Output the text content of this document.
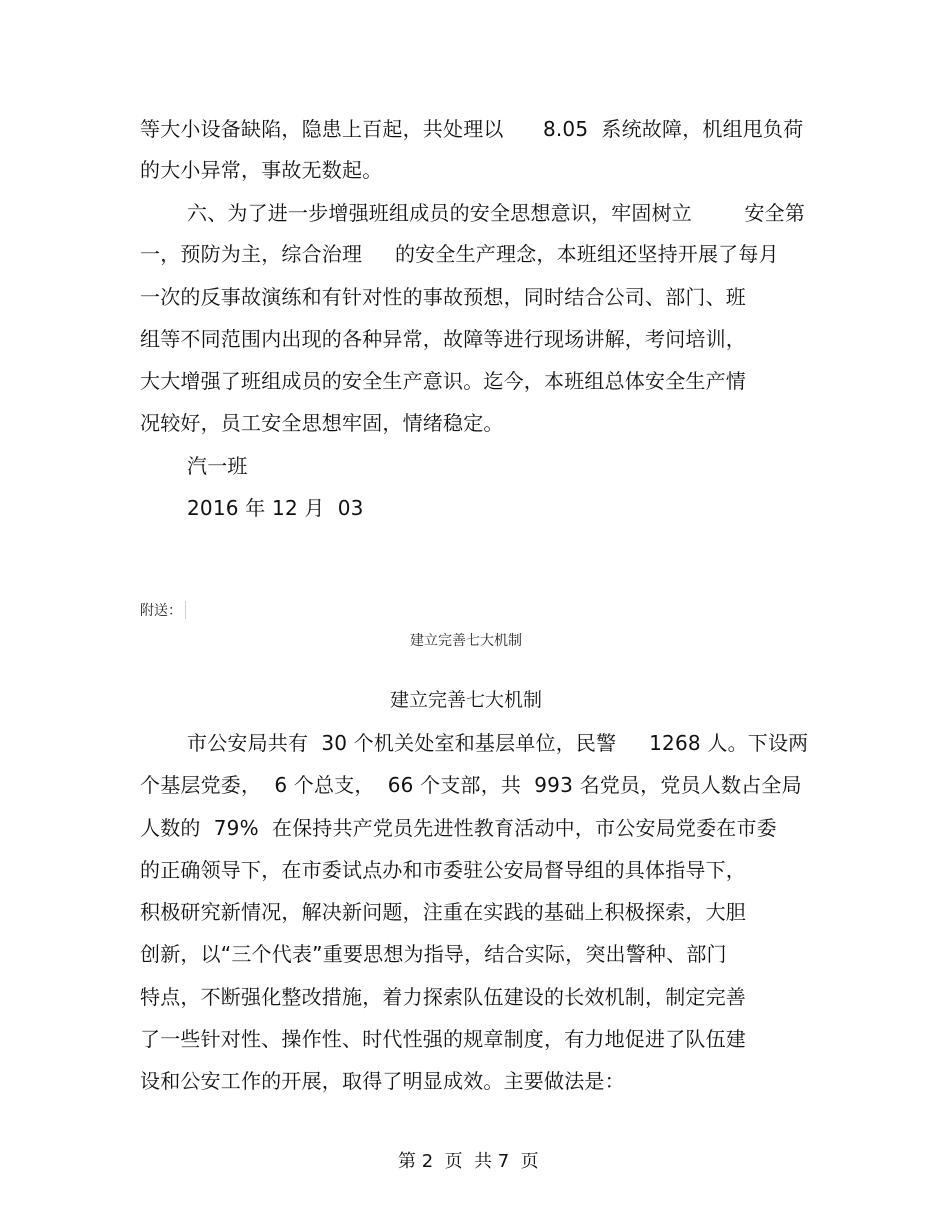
等大小设备缺陷，隐患上百起，共处理以      8.05  系统故障，机组甩负荷
的大小异常，事故无数起。
六、为了进一步增强班组成员的安全思想意识，牢固树立        安全第
一，预防为主，综合治理     的安全生产理念，本班组还坚持开展了每月
一次的反事故演练和有针对性的事故预想，同时结合公司、部门、班
组等不同范围内出现的各种异常，故障等进行现场讲解，考问培训，
大大增强了班组成员的安全生产意识。迄今，本班组总体安全生产情
况较好，员工安全思想牢固，情绪稳定。
汽一班
2016 年 12 月  03
附送：
建立完善七大机制
建立完善七大机制
市公安局共有  30 个机关处室和基层单位，民警     1268 人。下设两
个基层党委，  6 个总支，  66 个支部，共  993 名党员，党员人数占全局
人数的  79%  在保持共产党员先进性教育活动中，市公安局党委在市委
的正确领导下，在市委试点办和市委驻公安局督导组的具体指导下，
积极研究新情况，解决新问题，注重在实践的基础上积极探索，大胆
创新，以“三个代表”重要思想为指导，结合实际，突出警种、部门
特点，不断强化整改措施，着力探索队伍建设的长效机制，制定完善
了一些针对性、操作性、时代性强的规章制度，有力地促进了队伍建
设和公安工作的开展，取得了明显成效。主要做法是：
第 2  页  共 7  页
